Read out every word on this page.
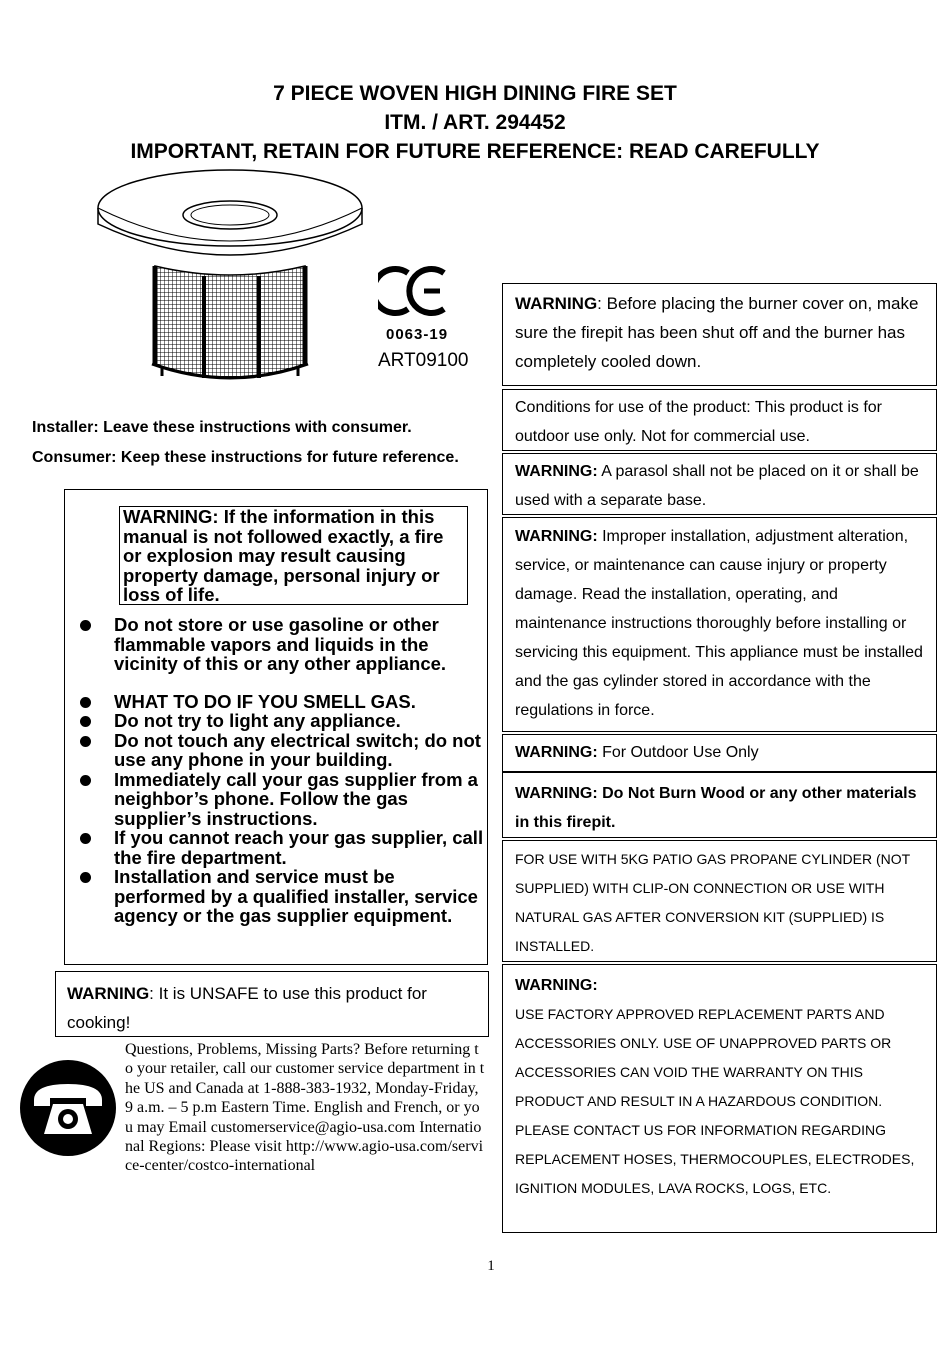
7 PIECE WOVEN HIGH DINING FIRE SET
ITM. / ART. 294452
IMPORTANT, RETAIN FOR FUTURE REFERENCE: READ CAREFULLY
0063-19
ART09100
Installer: Leave these instructions with consumer.
Consumer: Keep these instructions for future reference.
WARNING: If the information in this manual is not followed exactly, a fire or explosion may result causing property damage, personal injury or loss of life.
Do not store or use gasoline or other flammable vapors and liquids in the vicinity of this or any other appliance.
WHAT TO DO IF YOU SMELL GAS.
Do not try to light any appliance.
Do not touch any electrical switch; do not use any phone in your building.
Immediately call your gas supplier from a neighbor’s phone. Follow the gas supplier’s instructions.
If you cannot reach your gas supplier, call the fire department.
Installation and service must be performed by a qualified installer, service agency or the gas supplier equipment.
WARNING: It is UNSAFE to use this product for cooking!
Questions, Problems, Missing Parts? Before returning to your retailer, call our customer service department in the US and Canada at 1-888-383-1932, Monday-Friday, 9 a.m. – 5 p.m Eastern Time. English and French, or you may Email customerservice@agio-usa.com International Regions: Please visit http://www.agio-usa.com/service-center/costco-international
WARNING: Before placing the burner cover on, make sure the firepit has been shut off and the burner has completely cooled down.
Conditions for use of the product: This product is for outdoor use only. Not for commercial use.
WARNING: A parasol shall not be placed on it or shall be used with a separate base.
WARNING: Improper installation, adjustment alteration, service, or maintenance can cause injury or property damage. Read the installation, operating, and maintenance instructions thoroughly before installing or servicing this equipment. This appliance must be installed and the gas cylinder stored in accordance with the regulations in force.
WARNING: For Outdoor Use Only
WARNING: Do Not Burn Wood or any other materials in this firepit.
FOR USE WITH 5KG PATIO GAS PROPANE CYLINDER (NOT SUPPLIED) WITH CLIP-ON CONNECTION OR USE WITH NATURAL GAS AFTER CONVERSION KIT (SUPPLIED) IS INSTALLED.
WARNING:
USE FACTORY APPROVED REPLACEMENT PARTS AND ACCESSORIES ONLY. USE OF UNAPPROVED PARTS OR ACCESSORIES CAN VOID THE WARRANTY ON THIS PRODUCT AND RESULT IN A HAZARDOUS CONDITION. PLEASE CONTACT US FOR INFORMATION REGARDING REPLACEMENT HOSES, THERMOCOUPLES, ELECTRODES, IGNITION MODULES, LAVA ROCKS, LOGS, ETC.
1
